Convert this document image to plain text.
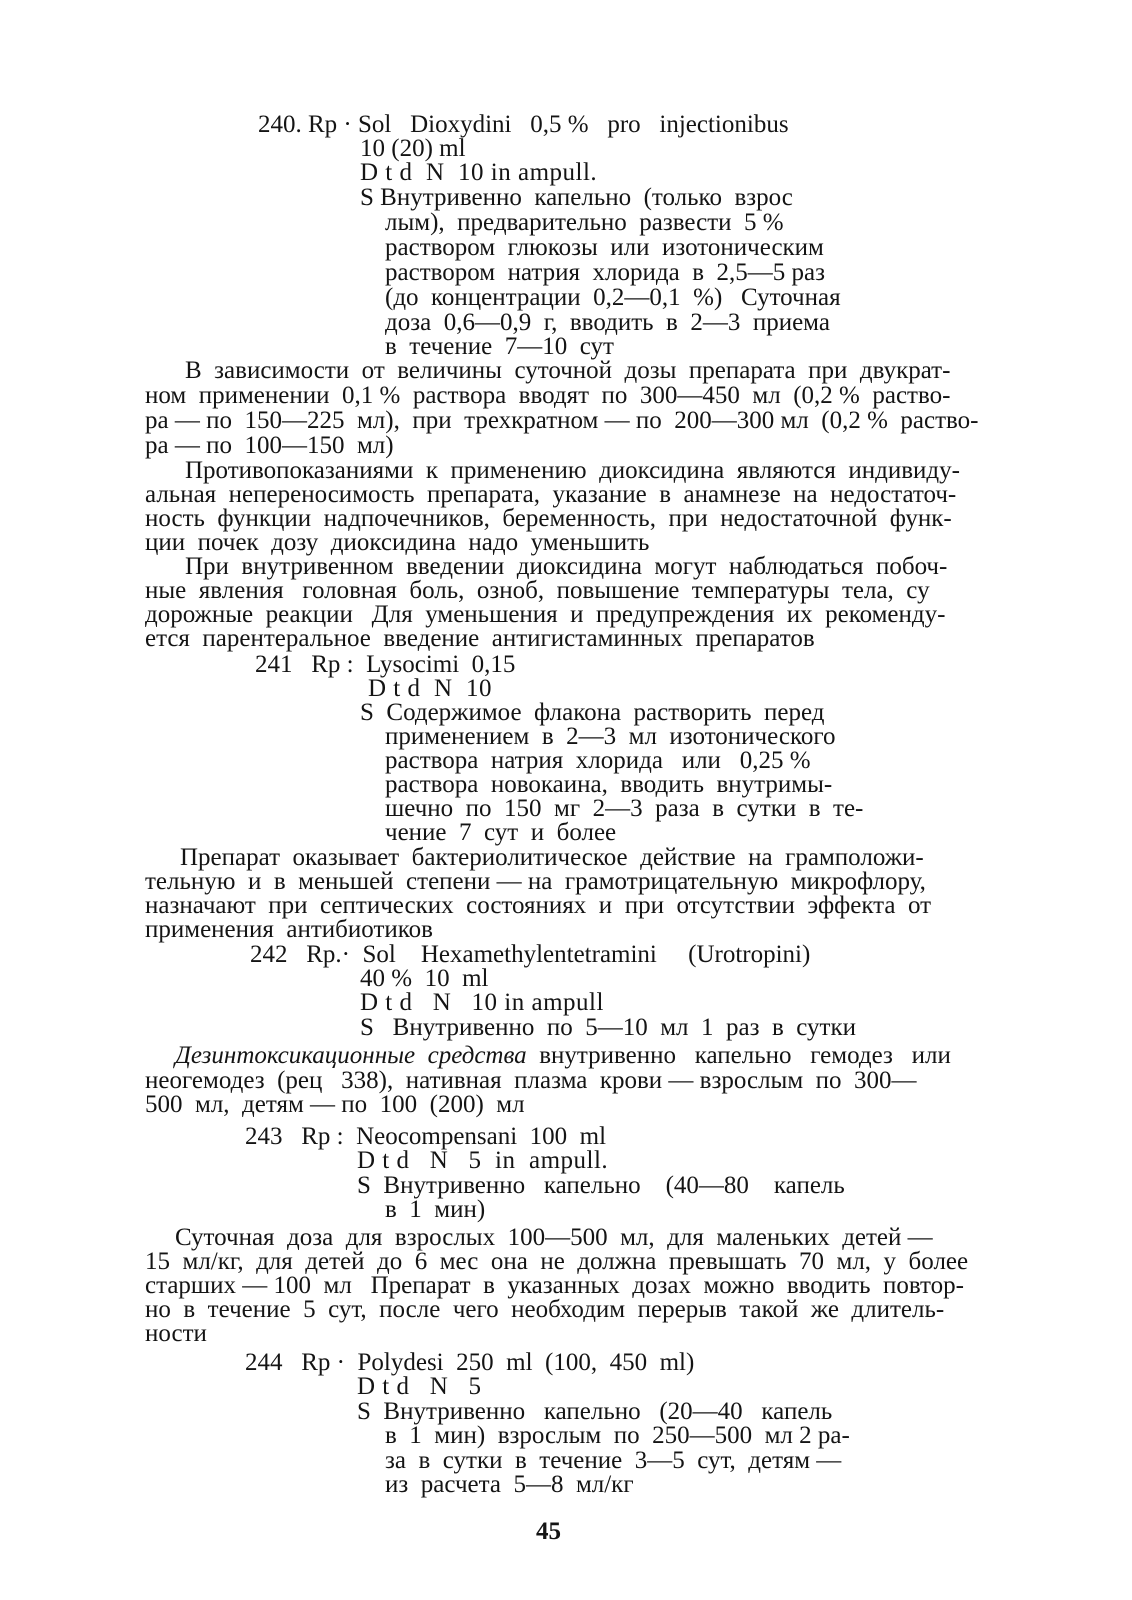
240. Rp · Sol   Dioxydini   0,5 %   pro   injectionibus
10 (20) ml
D t d  N  10 in ampull.
S Внутривенно  капельно  (только  взрос
лым),  предварительно  развести  5 %
раствором  глюкозы  или  изотоническим
раствором  натрия  хлорида  в  2,5—5 раз
(до  концентрации  0,2—0,1  %)   Суточная
доза  0,6—0,9  г,  вводить  в  2—3  приема
в  течение  7—10  сут
В  зависимости  от  величины  суточной  дозы  препарата  при  двукрат-
ном  применении  0,1 %  раствора  вводят  по  300—450  мл  (0,2 %  раство-
ра — по  150—225  мл),  при  трехкратном — по  200—300 мл  (0,2 %  раство-
ра — по  100—150  мл)
Противопоказаниями  к  применению  диоксидина  являются  индивиду-
альная  непереносимость  препарата,  указание  в  анамнезе  на  недостаточ-
ность  функции  надпочечников,  беременность,  при  недостаточной  функ-
ции  почек  дозу  диоксидина  надо  уменьшить
При  внутривенном  введении  диоксидина  могут  наблюдаться  побоч-
ные  явления   головная  боль,  озноб,  повышение  температуры  тела,  су
дорожные  реакции   Для  уменьшения  и  предупреждения  их  рекоменду-
ется  парентеральное  введение  антигистаминных  препаратов
241   Rp :  Lysocimi  0,15
D t d  N  10
S  Содержимое  флакона  растворить  перед
применением  в  2—3  мл  изотонического
раствора  натрия  хлорида   или   0,25 %
раствора  новокаина,  вводить  внутримы-
шечно  по  150  мг  2—3  раза  в  сутки  в  те-
чение  7  сут  и  более
Препарат  оказывает  бактериолитическое  действие  на  грамположи-
тельную  и  в  меньшей  степени — на  грамотрицательную  микрофлору,
назначают  при  септических  состояниях  и  при  отсутствии  эффекта  от
применения  антибиотиков
242   Rp.·  Sol    Hexamethylentetramini     (Urotropini)
40 %  10  ml
D t d   N   10 in ampull
S   Внутривенно  по  5—10  мл  1  раз  в  сутки
Дезинтоксикационные  средства  внутривенно   капельно   гемодез   или
неогемодез  (рец   338),  нативная  плазма  крови — взрослым  по  300—
500  мл,  детям — по  100  (200)  мл
243   Rp :  Neocompensani  100  ml
D t d   N   5  in  ampull.
S  Внутривенно   капельно    (40—80    капель
в  1  мин)
Суточная  доза  для  взрослых  100—500  мл,  для  маленьких  детей —
15  мл/кг,  для  детей  до  6  мес  она  не  должна  превышать  70  мл,  у  более
старших — 100  мл   Препарат  в  указанных  дозах  можно  вводить  повтор-
но  в  течение  5  сут,  после  чего  необходим  перерыв  такой  же  длитель-
ности
244   Rp ·  Polydesi  250  ml  (100,  450  ml)
D t d   N   5
S  Внутривенно   капельно   (20—40   капель
в  1  мин)  взрослым  по  250—500  мл 2 ра-
за  в  сутки  в  течение  3—5  сут,  детям —
из  расчета  5—8  мл/кг
45
